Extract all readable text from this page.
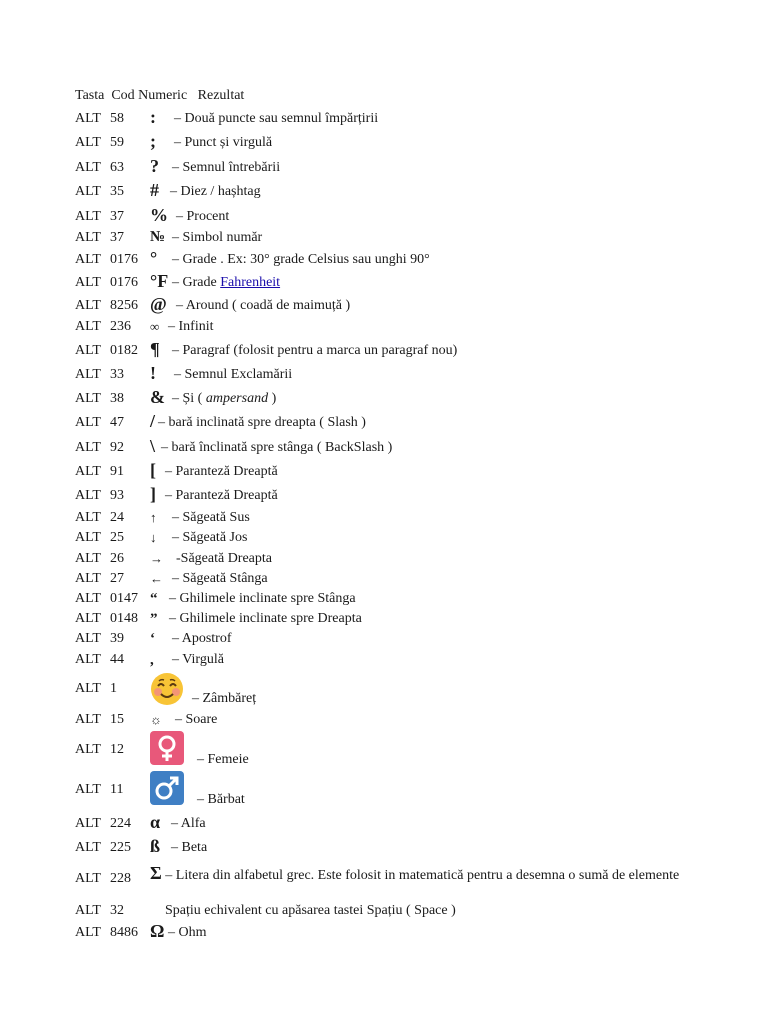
Tasta  Cod Numeric   Rezultat
ALT 58 : – Două puncte sau semnul împărțirii
ALT 59 ; – Punct și virgulă
ALT 63 ? – Semnul întrebării
ALT 35 # – Diez / hașhtag
ALT 37 % – Procent
ALT 37 № – Simbol număr
ALT 0176 ° – Grade . Ex: 30° grade Celsius sau unghi 90°
ALT 0176 °F – Grade Fahrenheit
ALT 8256 @ – Around ( coadă de maimuță )
ALT 236 ∞ – Infinit
ALT 0182 ¶ – Paragraf (folosit pentru a marca un paragraf nou)
ALT 33 ! – Semnul Exclamării
ALT 38 & – Și ( ampersand )
ALT 47 / – bară inclinată spre dreapta ( Slash )
ALT 92 \ – bară înclinată spre stânga ( BackSlash )
ALT 91 [ – Paranteză Dreaptă
ALT 93 ] – Paranteză Dreaptă
ALT 24 ↑ – Săgeată Sus
ALT 25 ↓ – Săgeată Jos
ALT 26 → -Săgeată Dreapta
ALT 27 ← – Săgeată Stânga
ALT 0147 “ – Ghilimele inclinate spre Stânga
ALT 0148 ” – Ghilimele inclinate spre Dreapta
ALT 39 ‘ – Apostrof
ALT 44 , – Virgulă
ALT 1
– Zâmbăreț
ALT 15 ☼ – Soare
ALT 12
– Femeie
ALT 11
– Bărbat
ALT 224 α – Alfa
ALT 225 ß – Beta
ALT 228 Σ – Litera din alfabetul grec. Este folosit in matematică pentru a desemna o sumă de elemente
ALT 32	Spațiu echivalent cu apăsarea tastei Spațiu ( Space )
ALT 8486 Ω – Ohm
